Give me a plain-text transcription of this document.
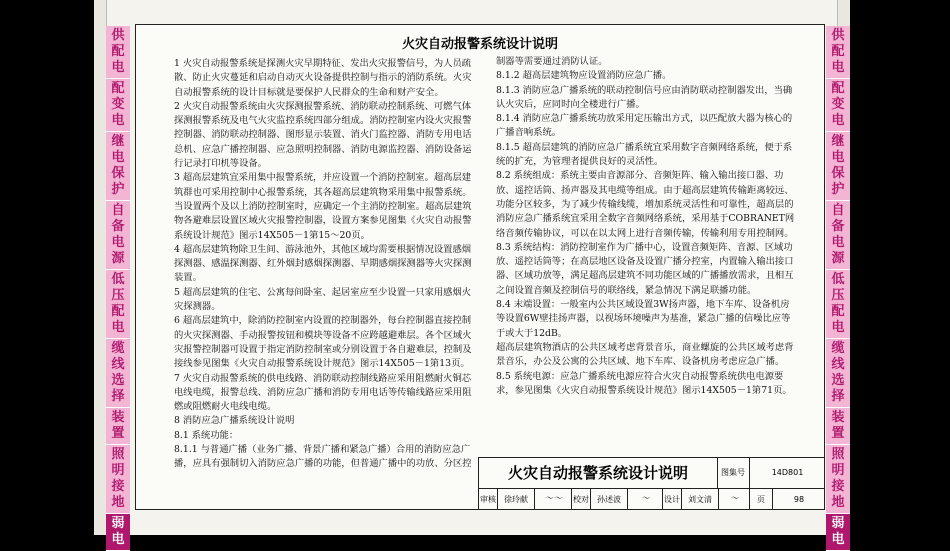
供
配
电
配
变
电
继
电
保
护
自
备
电
源
低
压
配
电
缆
线
选
择
装
置
照
明
接
地
弱
电
供
配
电
配
变
电
继
电
保
护
自
备
电
源
低
压
配
电
缆
线
选
择
装
置
照
明
接
地
弱
电
火灾自动报警系统设计说明

1 火灾自动报警系统是探测火灾早期特征、发出火灾报警信号，为人员疏散、防止火灾蔓延和启动自动灭火设备提供控制与指示的消防系统。火灾自动报警系统的设计目标就是要保护人民群众的生命和财产安全。

2 火灾自动报警系统由火灾探测报警系统、消防联动控制系统、可燃气体探测报警系统及电气火灾监控系统四部分组成。消防控制室内设火灾报警控制器、消防联动控制器、图形显示装置、消火门监控器、消防专用电话总机、应急广播控制器、应急照明控制器、消防电源监控器、消防设备运行记录打印机等设备。

3 超高层建筑宜采用集中报警系统，并应设置一个消防控制室。超高层建筑群也可采用控制中心报警系统，其各超高层建筑物采用集中报警系统。当设置两个及以上消防控制室时，应确定一个主消防控制室。超高层建筑物各避难层设置区域火灾报警控制器，设置方案参见图集《火灾自动报警系统设计规范》图示14X505－1第15～20页。

4 超高层建筑物除卫生间、游泳池外，其他区域均需要根据情况设置感烟探测器、感温探测器、红外烟封感烟探测器、早期感烟探测器等火灾探测装置。

5 超高层建筑的住宅、公寓每间卧室、起居室应至少设置一只家用感烟火灾探测器。

6 超高层建筑中，除消防控制室内设置的控制器外，每台控制器直接控制的火灾探测器、手动报警按钮和模块等设备不应跨越避难层。各个区域火灾报警控制器可设置于指定消防控制室或分别设置于各自避难层，控制及接线参见图集《火灾自动报警系统设计规范》图示14X505－1第13页。

7 火灾自动报警系统的供电线路、消防联动控制线路应采用阻燃耐火铜芯电线电缆，报警总线、消防应急广播和消防专用电话等传输线路应采用阻燃或阻燃耐火电线电缆。

8 消防应急广播系统设计说明

8.1 系统功能：

8.1.1 与普通广播（业务广播、背景广播和紧急广播）合用的消防应急广播，应具有强制切入消防应急广播的功能，但普通广播中的功放、分区控

制器等需要通过消防认证。

8.1.2 超高层建筑物应设置消防应急广播。

8.1.3 消防应急广播系统的联动控制信号应由消防联动控制器发出，当确认火灾后，应同时向全楼进行广播。

8.1.4 消防应急广播系统功放采用定压输出方式，以匹配放大器为核心的广播音响系统。

8.1.5 超高层建筑的消防应急广播系统宜采用数字音频网络系统，便于系统的扩充，为管理者提供良好的灵活性。

8.2 系统组成：系统主要由音源部分、音频矩阵、输入输出接口器、功放、遥控话筒、扬声器及其电缆等组成。由于超高层建筑传输距离较远、功能分区较多，为了减少传输线缆，增加系统灵活性和可靠性，超高层的消防应急广播系统宜采用全数字音频网络系统，采用基于COBRANET网络音频传输协议，可以在以太网上进行音频传输，传输利用专用控制网。

8.3 系统结构：消防控制室作为广播中心，设置音频矩阵、音源、区域功放、遥控话筒等；在高层地区设备及设置广播分控室，内置输入输出接口器、区域功放等，满足超高层建筑不同功能区域的广播播放需求，且相互之间设置音频及控制信号的联络线，紧急情况下满足联播功能。

8.4 末端设置：一般室内公共区域设置3W扬声器，地下车库、设备机房等设置6W壁挂扬声器，以视场环境噪声为基准，紧急广播的信噪比应等于或大于12dB。

超高层建筑物酒店的公共区域考虑背景音乐，商业螺旋的公共区域考虑背景音乐，办公及公寓的公共区域、地下车库、设备机房考虑应急广播。

8.5 系统电源：应急广播系统电源应符合火灾自动报警系统供电电源要求，参见图集《火灾自动报警系统设计规范》图示14X505－1第71页。

火灾自动报警系统设计说明	图集号	14D801
审核	徐玲献	～～	校对	孙述波	～	设计	刘文清	～	页	98
